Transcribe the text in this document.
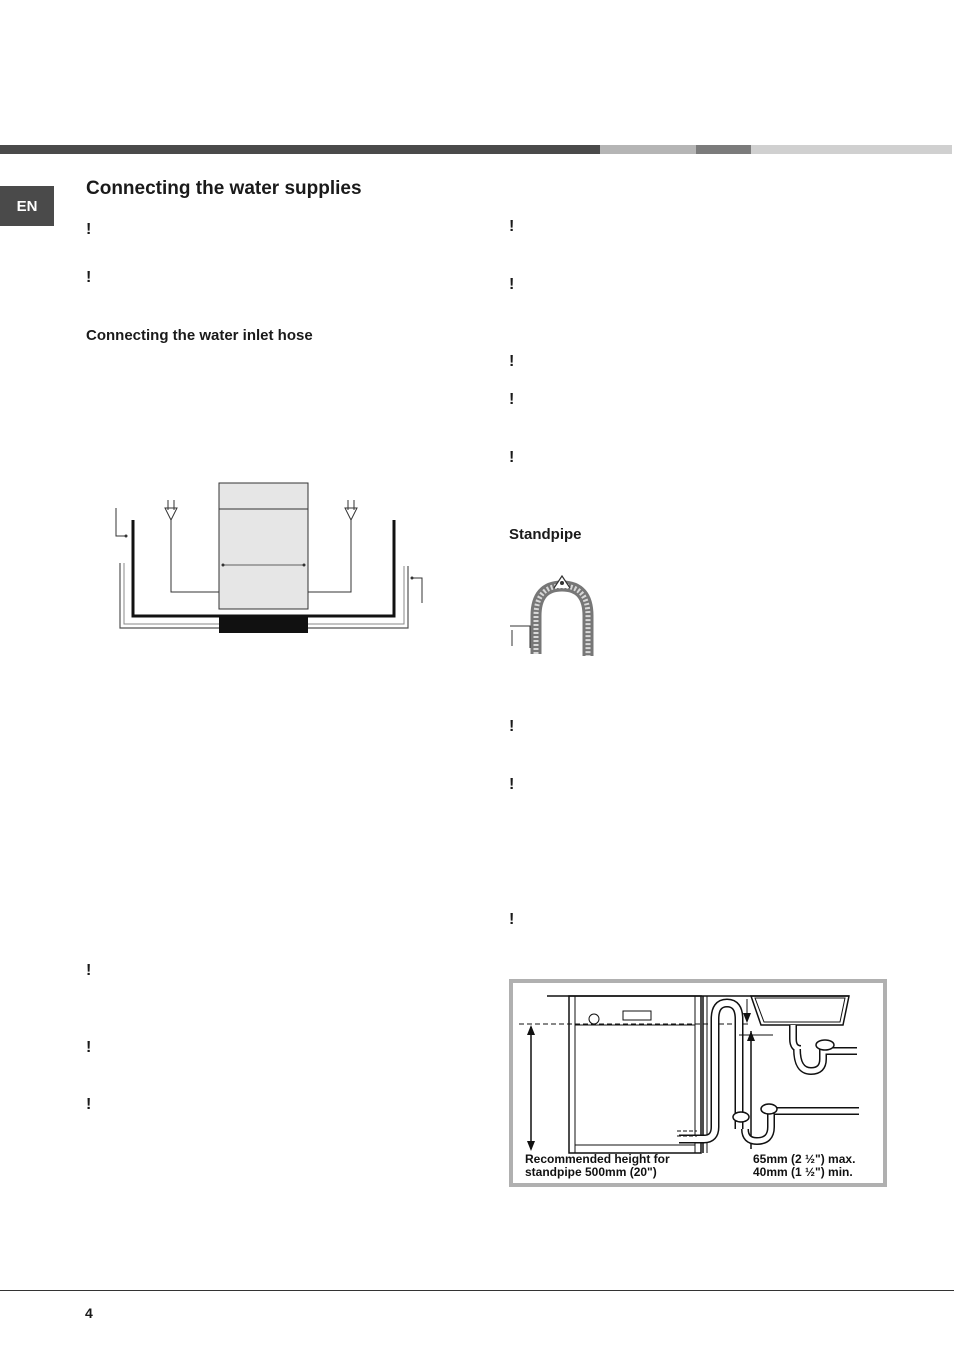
EN
Connecting the water supplies
!
!
Connecting the water inlet hose
!
!
!
!
!
!
!
!
Standpipe
!
!
!
Recommended height for
standpipe 500mm (20")
65mm (2 ½") max.
40mm (1 ½") min.
4
